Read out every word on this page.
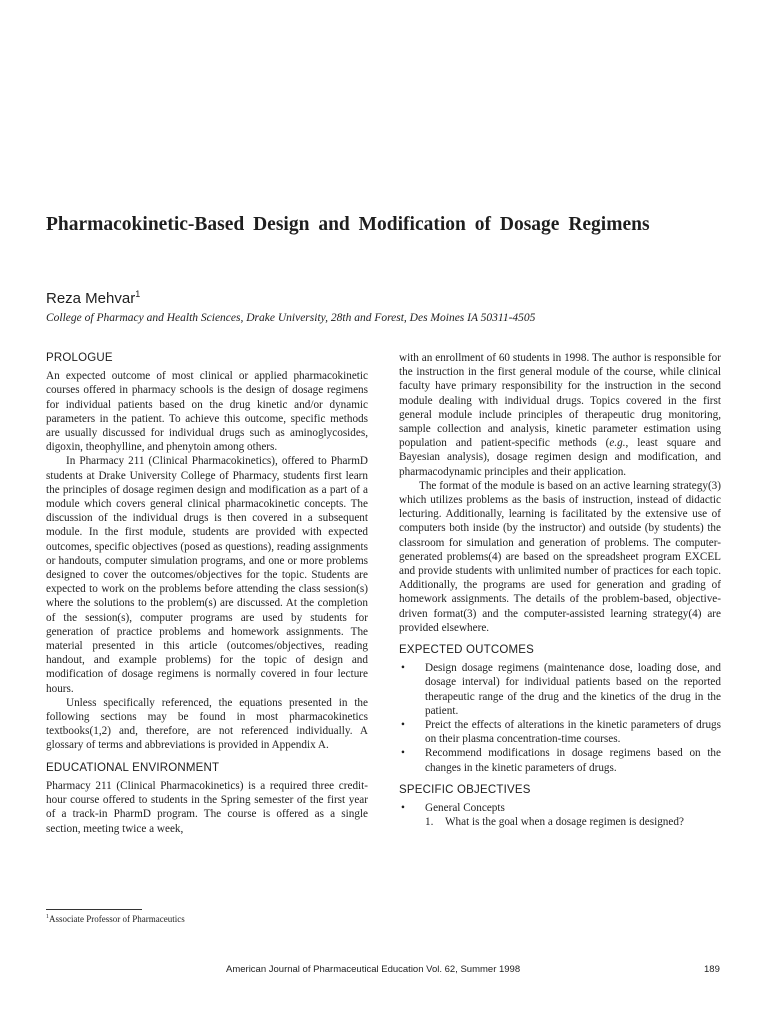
Pharmacokinetic-Based Design and Modification of Dosage Regimens

Reza Mehvar$^1$

College of Pharmacy and Health Sciences, Drake University, 28th and Forest, Des Moines IA 50311-4505

PROLOGUE

An expected outcome of most clinical or applied pharmacokinetic courses offered in pharmacy schools is the design of dosage regimens for individual patients based on the drug kinetic and/or dynamic parameters in the patient. To achieve this outcome, specific methods are usually discussed for individual drugs such as aminoglycosides, digoxin, theophylline, and phenytoin among others.

In Pharmacy 211 (Clinical Pharmacokinetics), offered to PharmD students at Drake University College of Pharmacy, students first learn the principles of dosage regimen design and modification as a part of a module which covers general clinical pharmacokinetic concepts. The discussion of the individual drugs is then covered in a subsequent module. In the first module, students are provided with expected outcomes, specific objectives (posed as questions), reading assignments or handouts, computer simulation programs, and one or more problems designed to cover the outcomes/objectives for the topic. Students are expected to work on the problems before attending the class session(s) where the solutions to the problem(s) are discussed. At the completion of the session(s), computer programs are used by students for generation of practice problems and homework assignments. The material presented in this article (outcomes/objectives, reading handout, and example problems) for the topic of design and modification of dosage regimens is normally covered in four lecture hours.

Unless specifically referenced, the equations presented in the following sections may be found in most pharmacokinetics textbooks(1,2) and, therefore, are not referenced individually. A glossary of terms and abbreviations is provided in Appendix A.

EDUCATIONAL ENVIRONMENT

Pharmacy 211 (Clinical Pharmacokinetics) is a required three credit-hour course offered to students in the Spring semester of the first year of a track-in PharmD program. The course is offered as a single section, meeting twice a week,

with an enrollment of 60 students in 1998. The author is responsible for the instruction in the first general module of the course, while clinical faculty have primary responsibility for the instruction in the second module dealing with individual drugs. Topics covered in the first general module include principles of therapeutic drug monitoring, sample collection and analysis, kinetic parameter estimation using population and patient-specific methods (e.g., least square and Bayesian analysis), dosage regimen design and modification, and pharmacodynamic principles and their application.

The format of the module is based on an active learning strategy(3) which utilizes problems as the basis of instruction, instead of didactic lecturing. Additionally, learning is facilitated by the extensive use of computers both inside (by the instructor) and outside (by students) the classroom for simulation and generation of problems. The computer-generated problems(4) are based on the spreadsheet program EXCEL and provide students with unlimited number of practices for each topic. Additionally, the programs are used for generation and grading of homework assignments. The details of the problem-based, objective-driven format(3) and the computer-assisted learning strategy(4) are provided elsewhere.

EXPECTED OUTCOMES
• Design dosage regimens (maintenance dose, loading dose, and dosage interval) for individual patients based on the reported therapeutic range of the drug and the kinetics of the drug in the patient.
• Preict the effects of alterations in the kinetic parameters of drugs on their plasma concentration-time courses.
• Recommend modifications in dosage regimens based on the changes in the kinetic parameters of drugs.
SPECIFIC OBJECTIVES
• General Concepts
1. What is the goal when a dosage regimen is designed?

$^1$Associate Professor of Pharmaceutics

American Journal of Pharmaceutical Education Vol. 62, Summer 1998	189
